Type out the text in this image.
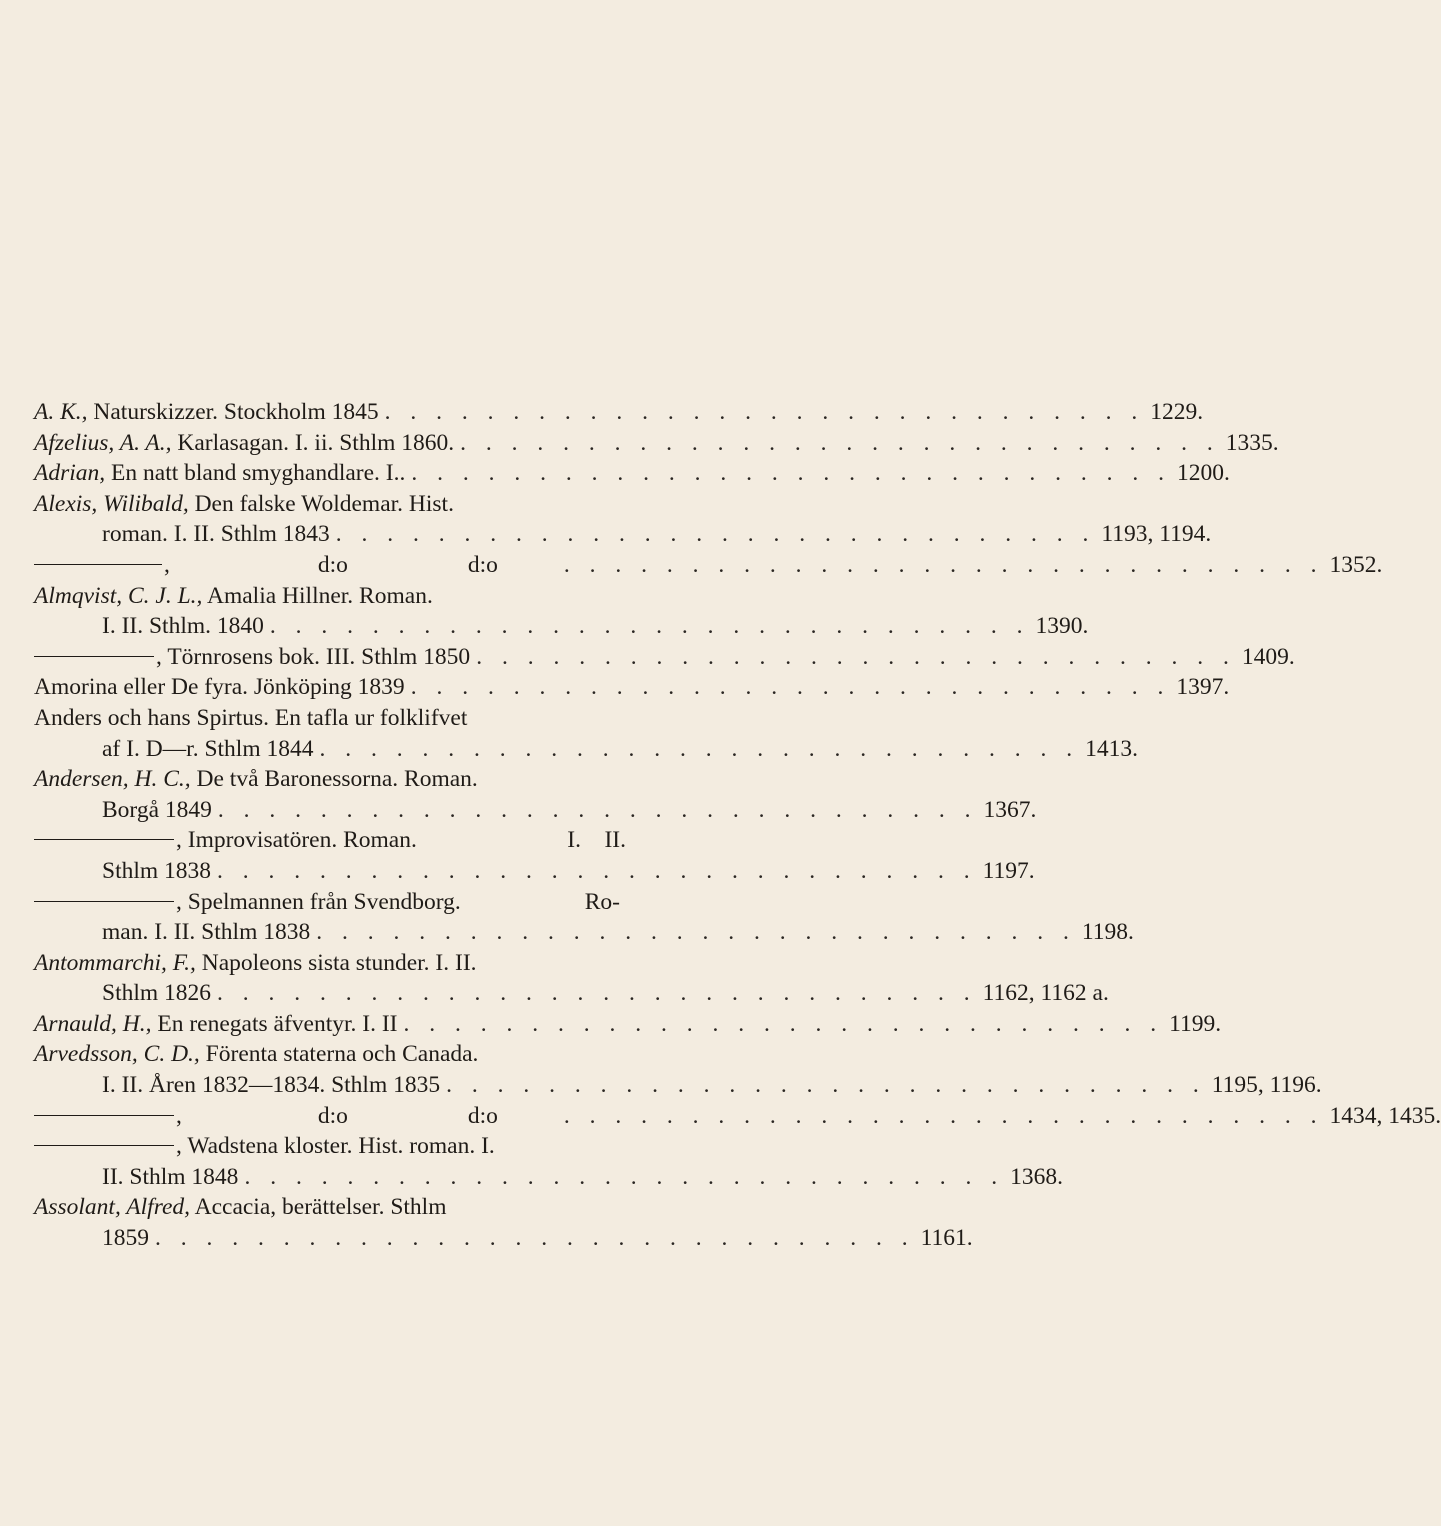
A. K., Naturskizzer. Stockholm 1845 . . . . . . . . . . . . . . . . . . . . . . . . . . . . . . 1229.
Afzelius, A. A., Karlasagan. I. ii. Sthlm 1860. . . . . . . . . . . . . . . . . . . . . . . . . . . . . . . 1335.
Adrian, En natt bland smyghandlare. I.. . . . . . . . . . . . . . . . . . . . . . . . . . . . . . . 1200.
Alexis, Wilibald, Den falske Woldemar. Hist.
roman. I. II. Sthlm 1843 . . . . . . . . . . . . . . . . . . . . . . . . . . . . . . 1193, 1194.
,	d:o	d:o	. . . . . . . . . . . . . . . . . . . . . . . . . . . . . . 1352.
Almqvist, C. J. L., Amalia Hillner. Roman.
I. II. Sthlm. 1840 . . . . . . . . . . . . . . . . . . . . . . . . . . . . . . 1390.
, Törnrosens bok. III. Sthlm 1850 . . . . . . . . . . . . . . . . . . . . . . . . . . . . . . 1409.
Amorina eller De fyra. Jönköping 1839 . . . . . . . . . . . . . . . . . . . . . . . . . . . . . . 1397.
Anders och hans Spirtus. En tafla ur folklifvet
af I. D—r. Sthlm 1844 . . . . . . . . . . . . . . . . . . . . . . . . . . . . . . 1413.
Andersen, H. C., De två Baronessorna. Roman.
Borgå 1849 . . . . . . . . . . . . . . . . . . . . . . . . . . . . . . 1367.
, Improvisatören. Roman.	I. II.
Sthlm 1838 . . . . . . . . . . . . . . . . . . . . . . . . . . . . . . 1197.
, Spelmannen från Svendborg.	Ro-
man. I. II. Sthlm 1838 . . . . . . . . . . . . . . . . . . . . . . . . . . . . . . 1198.
Antommarchi, F., Napoleons sista stunder. I. II.
Sthlm 1826 . . . . . . . . . . . . . . . . . . . . . . . . . . . . . . 1162, 1162 a.
Arnauld, H., En renegats äfventyr. I. II . . . . . . . . . . . . . . . . . . . . . . . . . . . . . . 1199.
Arvedsson, C. D., Förenta staterna och Canada.
I. II. Åren 1832—1834. Sthlm 1835 . . . . . . . . . . . . . . . . . . . . . . . . . . . . . . 1195, 1196.
,	d:o	d:o	. . . . . . . . . . . . . . . . . . . . . . . . . . . . . . 1434, 1435.
, Wadstena kloster. Hist. roman. I.
II. Sthlm 1848 . . . . . . . . . . . . . . . . . . . . . . . . . . . . . . 1368.
Assolant, Alfred, Accacia, berättelser. Sthlm
1859 . . . . . . . . . . . . . . . . . . . . . . . . . . . . . . 1161.
